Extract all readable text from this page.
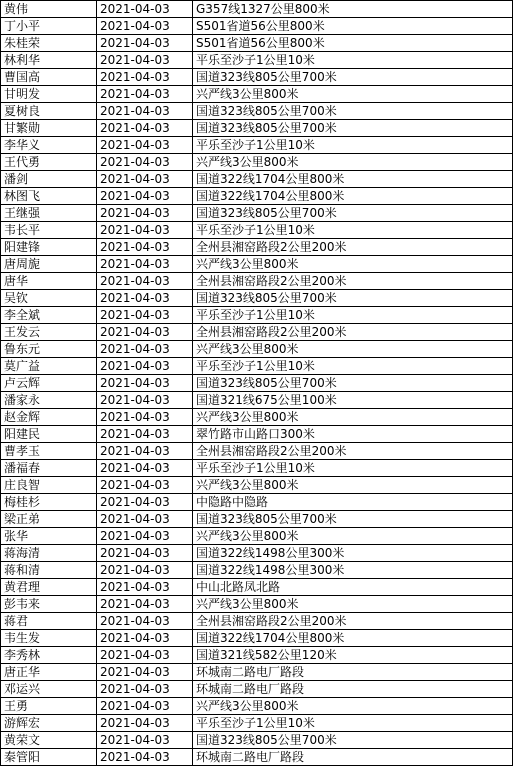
黄伟	2021-04-03	G357线1327公里800米
丁小平	2021-04-03	S501省道56公里800米
朱桂荣	2021-04-03	S501省道56公里800米
林利华	2021-04-03	平乐至沙子1公里10米
曹国高	2021-04-03	国道323线805公里700米
甘明发	2021-04-03	兴严线3公里800米
夏树良	2021-04-03	国道323线805公里700米
甘繁勋	2021-04-03	国道323线805公里700米
李华义	2021-04-03	平乐至沙子1公里10米
王代勇	2021-04-03	兴严线3公里800米
潘剑	2021-04-03	国道322线1704公里800米
林图飞	2021-04-03	国道322线1704公里800米
王继强	2021-04-03	国道323线805公里700米
韦长平	2021-04-03	平乐至沙子1公里10米
阳建锋	2021-04-03	全州县湘窑路段2公里200米
唐周旎	2021-04-03	兴严线3公里800米
唐华	2021-04-03	全州县湘窑路段2公里200米
吴钦	2021-04-03	国道323线805公里700米
李全斌	2021-04-03	平乐至沙子1公里10米
王发云	2021-04-03	全州县湘窑路段2公里200米
鲁东元	2021-04-03	兴严线3公里800米
莫广益	2021-04-03	平乐至沙子1公里10米
卢云辉	2021-04-03	国道323线805公里700米
潘家永	2021-04-03	国道321线675公里100米
赵金辉	2021-04-03	兴严线3公里800米
阳建民	2021-04-03	翠竹路市山路口300米
曹孝玉	2021-04-03	全州县湘窑路段2公里200米
潘福春	2021-04-03	平乐至沙子1公里10米
庄良智	2021-04-03	兴严线3公里800米
梅桂杉	2021-04-03	中隐路中隐路
梁正弟	2021-04-03	国道323线805公里700米
张华	2021-04-03	兴严线3公里800米
蒋海清	2021-04-03	国道322线1498公里300米
蒋和清	2021-04-03	国道322线1498公里300米
黄君理	2021-04-03	中山北路凤北路
彭韦来	2021-04-03	兴严线3公里800米
蒋君	2021-04-03	全州县湘窑路段2公里200米
韦生发	2021-04-03	国道322线1704公里800米
李秀林	2021-04-03	国道321线582公里120米
唐正华	2021-04-03	环城南二路电厂路段
邓运兴	2021-04-03	环城南二路电厂路段
王勇	2021-04-03	兴严线3公里800米
游辉宏	2021-04-03	平乐至沙子1公里10米
黄荣文	2021-04-03	国道323线805公里700米
秦管阳	2021-04-03	环城南二路电厂路段
